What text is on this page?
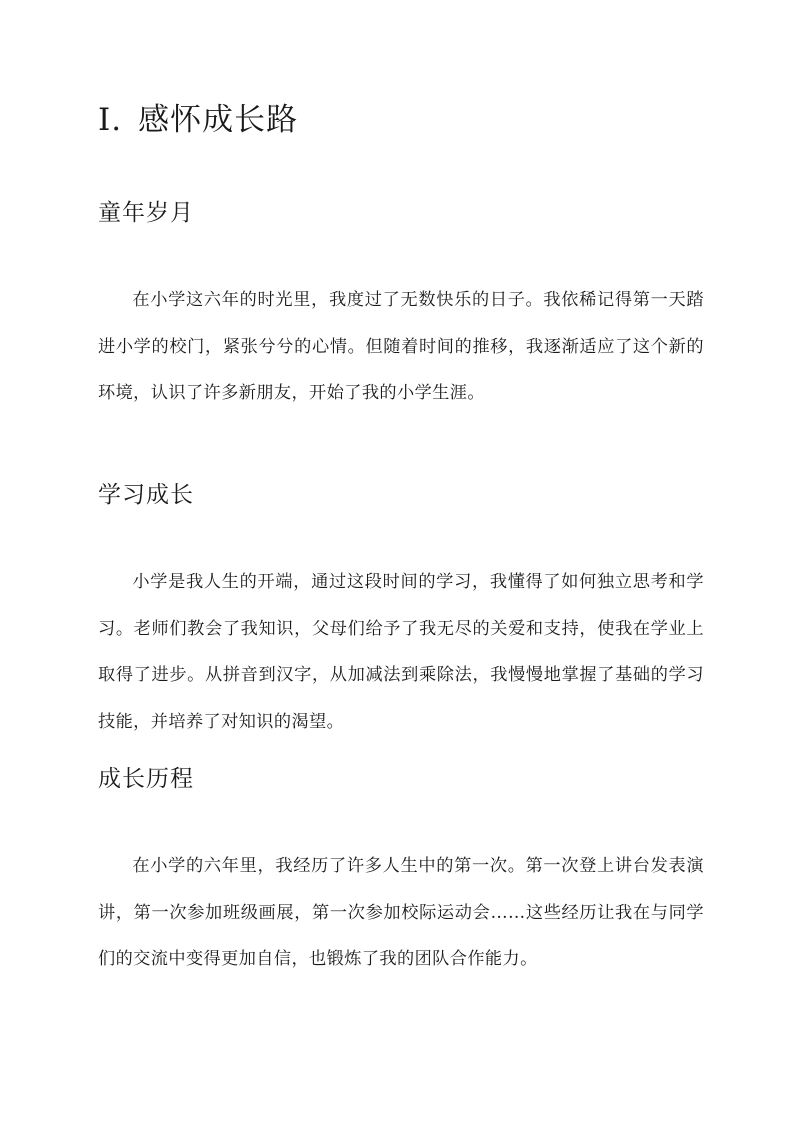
I. 感怀成长路
童年岁月

在小学这六年的时光里，我度过了无数快乐的日子。我依稀记得第一天踏进小学的校门，紧张兮兮的心情。但随着时间的推移，我逐渐适应了这个新的环境，认识了许多新朋友，开始了我的小学生涯。

学习成长

小学是我人生的开端，通过这段时间的学习，我懂得了如何独立思考和学习。老师们教会了我知识，父母们给予了我无尽的关爱和支持，使我在学业上取得了进步。从拼音到汉字，从加减法到乘除法，我慢慢地掌握了基础的学习技能，并培养了对知识的渴望。

成长历程

在小学的六年里，我经历了许多人生中的第一次。第一次登上讲台发表演讲，第一次参加班级画展，第一次参加校际运动会……这些经历让我在与同学们的交流中变得更加自信，也锻炼了我的团队合作能力。
